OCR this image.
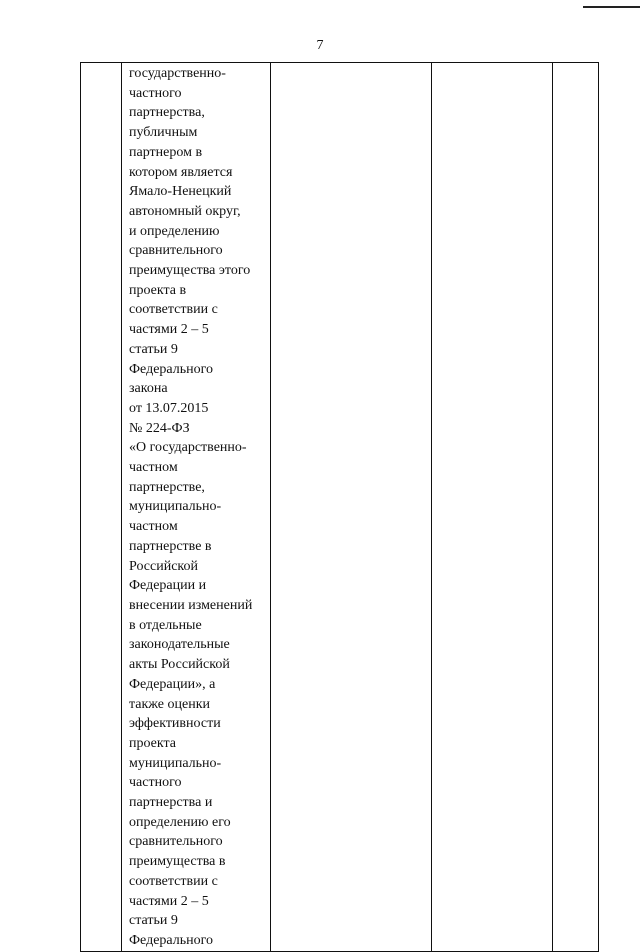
7

государственно-
частного
партнерства,
публичным
партнером в
котором является
Ямало-Ненецкий
автономный округ,
и определению
сравнительного
преимущества этого
проекта в
соответствии с
частями 2 – 5
статьи 9
Федерального
закона
от 13.07.2015
№ 224-ФЗ
«О государственно-
частном
партнерстве,
муниципально-
частном
партнерстве в
Российской
Федерации и
внесении изменений
в отдельные
законодательные
акты Российской
Федерации», а
также оценки
эффективности
проекта
муниципально-
частного
партнерства и
определению его
сравнительного
преимущества в
соответствии с
частями 2 – 5
статьи 9
Федерального
